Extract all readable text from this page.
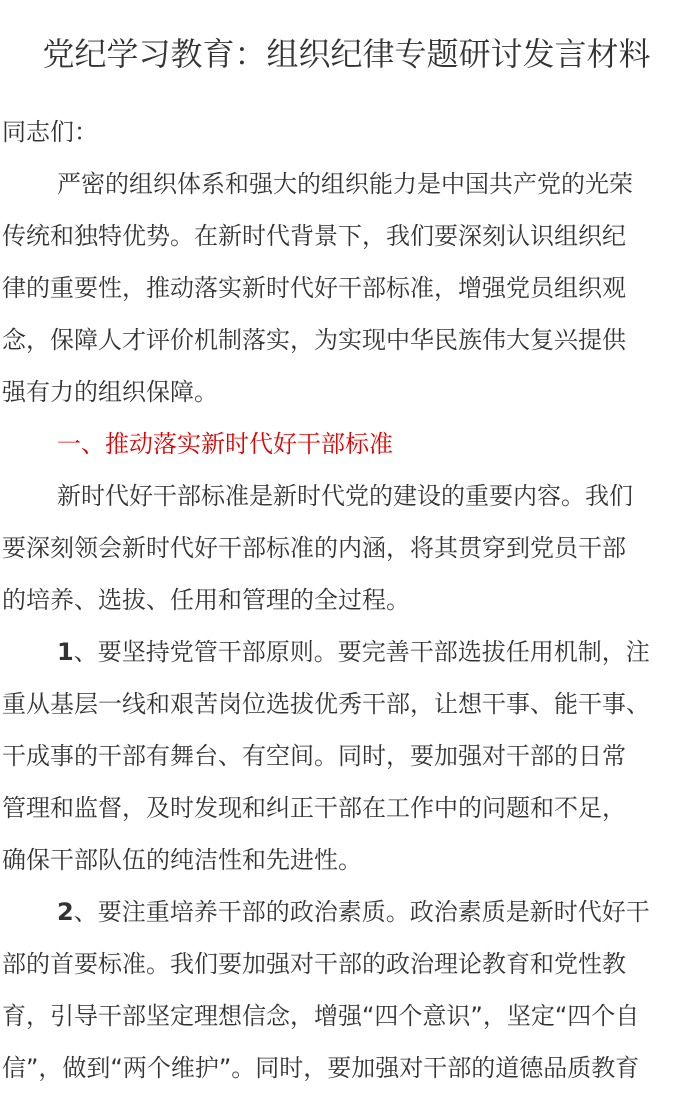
党纪学习教育：组织纪律专题研讨发言材料

同志们：

严密的组织体系和强大的组织能力是中国共产党的光荣

传统和独特优势。在新时代背景下，我们要深刻认识组织纪

律的重要性，推动落实新时代好干部标准，增强党员组织观

念，保障人才评价机制落实，为实现中华民族伟大复兴提供

强有力的组织保障。

一、推动落实新时代好干部标准

新时代好干部标准是新时代党的建设的重要内容。我们

要深刻领会新时代好干部标准的内涵，将其贯穿到党员干部

的培养、选拔、任用和管理的全过程。

1、要坚持党管干部原则。要完善干部选拔任用机制，注

重从基层一线和艰苦岗位选拔优秀干部，让想干事、能干事、

干成事的干部有舞台、有空间。同时，要加强对干部的日常

管理和监督，及时发现和纠正干部在工作中的问题和不足，

确保干部队伍的纯洁性和先进性。

2、要注重培养干部的政治素质。政治素质是新时代好干

部的首要标准。我们要加强对干部的政治理论教育和党性教

育，引导干部坚定理想信念，增强“四个意识”，坚定“四个自

信”，做到“两个维护”。同时，要加强对干部的道德品质教育
